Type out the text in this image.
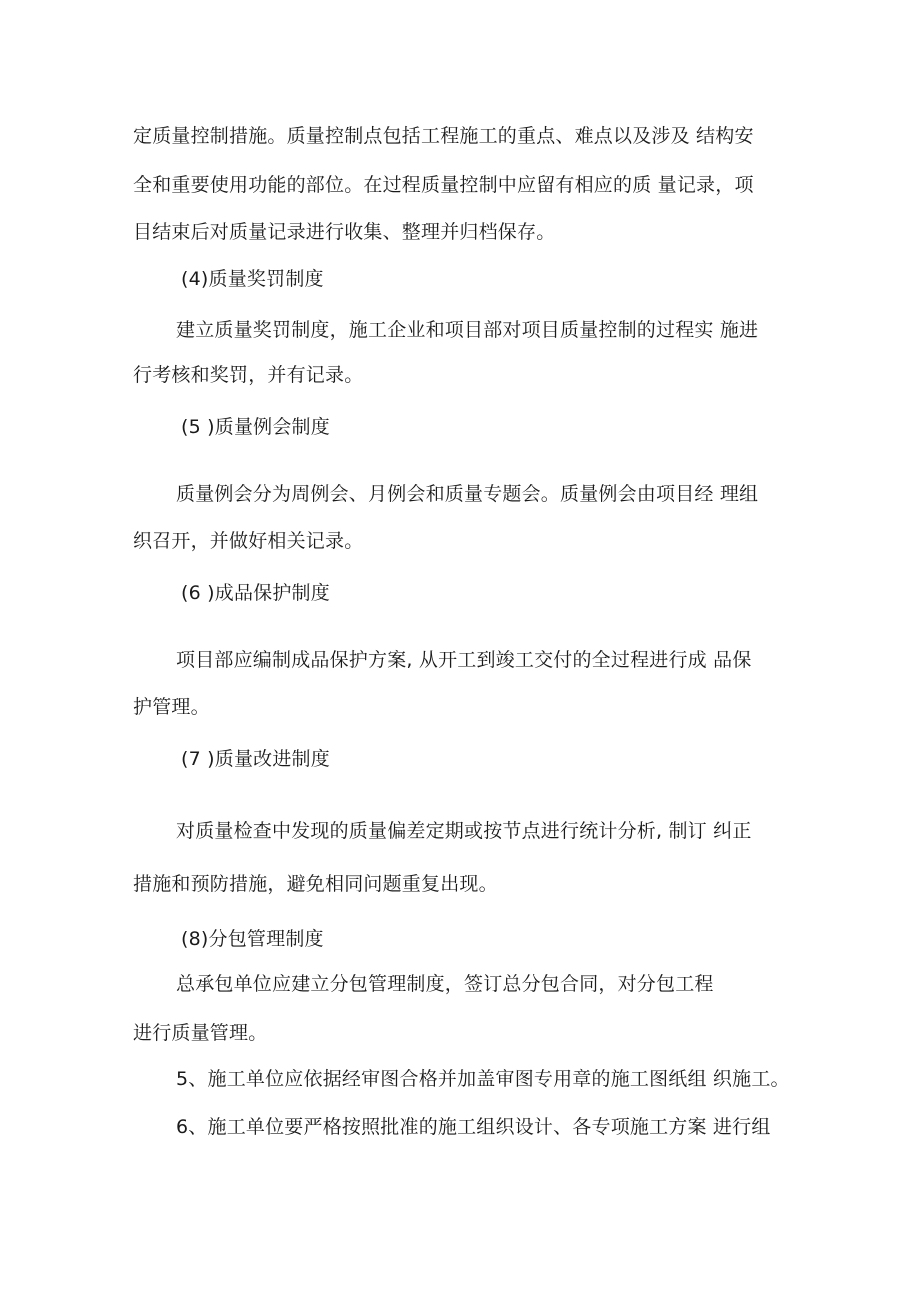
定质量控制措施。质量控制点包括工程施工的重点、难点以及涉及 结构安
全和重要使用功能的部位。在过程质量控制中应留有相应的质 量记录，项
目结束后对质量记录进行收集、整理并归档保存。
(4)质量奖罚制度
建立质量奖罚制度，施工企业和项目部对项目质量控制的过程实 施进
行考核和奖罚，并有记录。
(5 )质量例会制度
质量例会分为周例会、月例会和质量专题会。质量例会由项目经 理组
织召开，并做好相关记录。
(6 )成品保护制度
项目部应编制成品保护方案, 从开工到竣工交付的全过程进行成 品保
护管理。
(7 )质量改进制度
对质量检查中发现的质量偏差定期或按节点进行统计分析, 制订 纠正
措施和预防措施，避免相同问题重复出现。
(8)分包管理制度
总承包单位应建立分包管理制度，签订总分包合同，对分包工程
进行质量管理。
5、施工单位应依据经审图合格并加盖审图专用章的施工图纸组 织施工。
6、施工单位要严格按照批准的施工组织设计、各专项施工方案 进行组
